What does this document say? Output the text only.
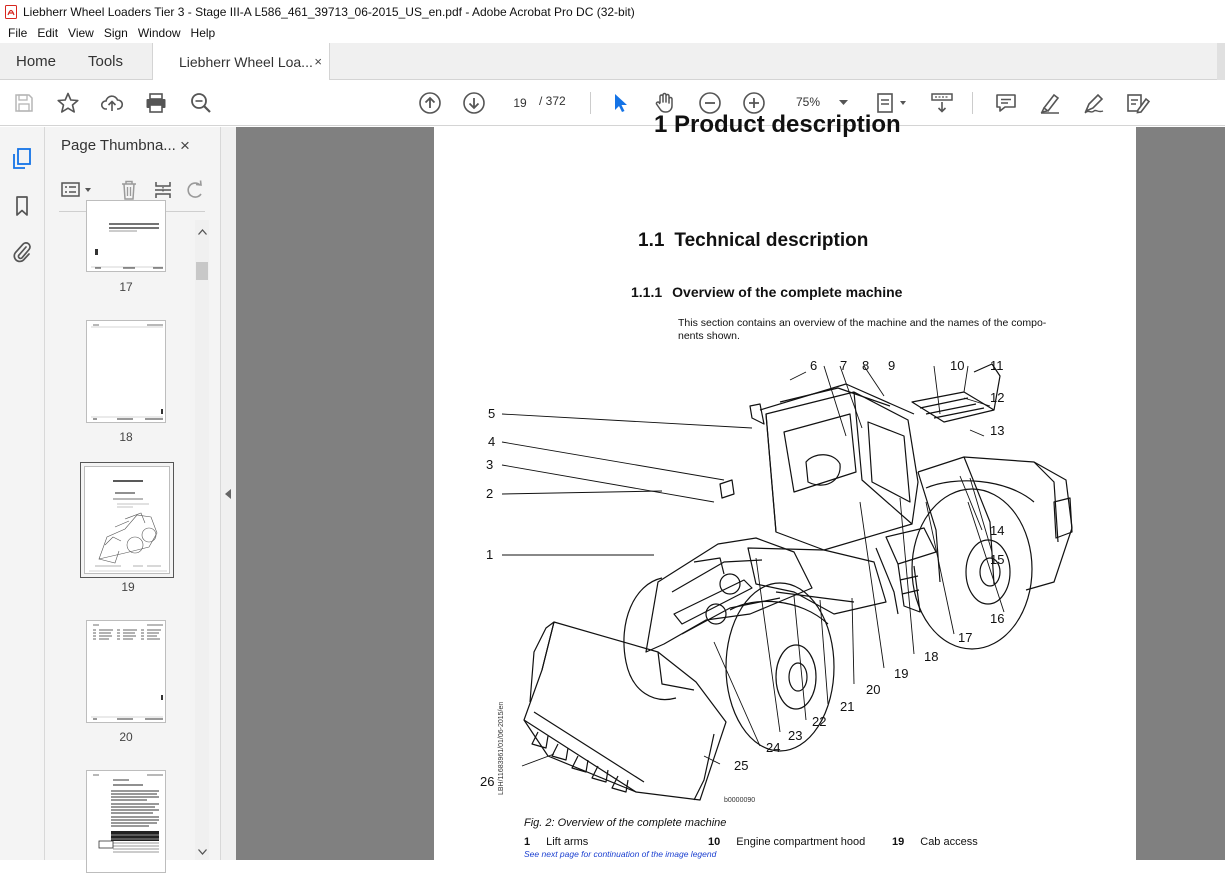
Liebherr Wheel Loaders Tier 3 - Stage III-A L586_461_39713_06-2015_US_en.pdf - Adobe Acrobat Pro DC (32-bit)
File Edit View Sign Window Help
Home Tools	Liebherr Wheel Loa... ×
19	/ 372	75%
Page Thumbna... ×
17
18
19
20
1 Product description
1.1 Technical description
1.1.1 Overview of the complete machine
This section contains an overview of the machine and the names of the compo-nents shown.
1
2
3
4
5
6 7 8 9	10 11
12
13
14
15
16
17
18
19
20
21
22
23
24
25
26 LBH/11683961/01/06-2015/en
b0000090
Fig. 2: Overview of the complete machine
1 Lift arms	10 Engine compartment hood 19 Cab access
See next page for continuation of the image legend
